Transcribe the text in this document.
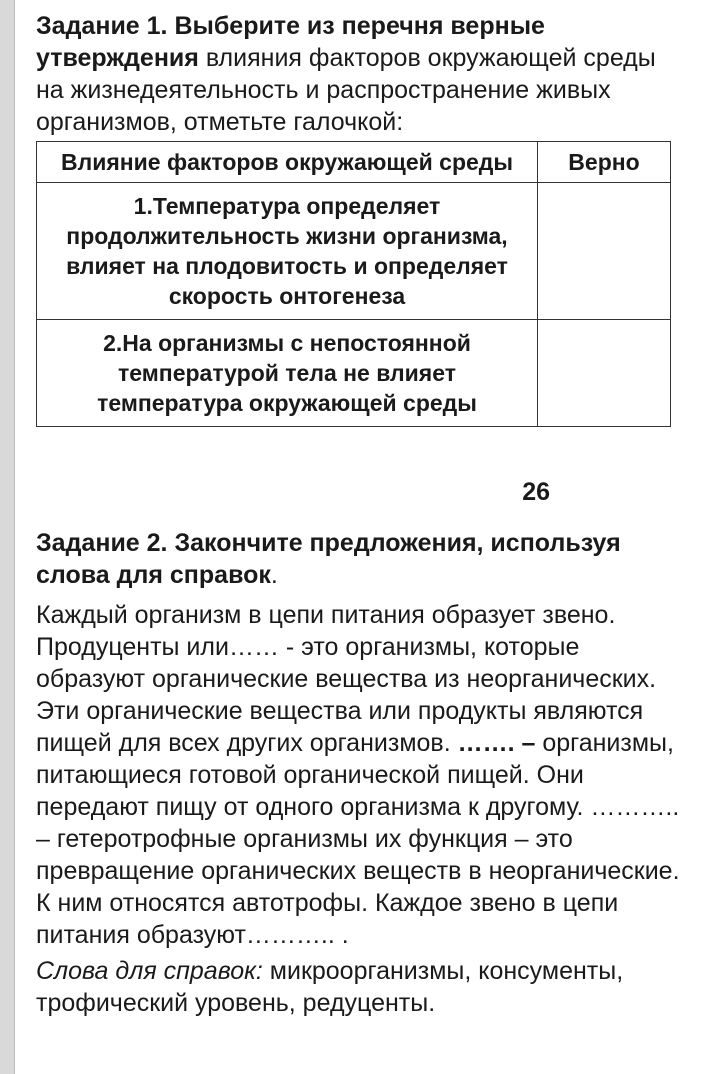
Задание 1. Выберите из перечня верные утверждения влияния факторов окружающей среды на жизнедеятельность и распространение живых организмов, отметьте галочкой:

Влияние факторов окружающей среды	Верно
1.Температура определяет продолжительность жизни организма, влияет на плодовитость и определяет скорость онтогенеза	
2.На организмы с непостоянной температурой тела не влияет температура окружающей среды	
26
Задание 2. Закончите предложения, используя слова для справок.
Каждый организм в цепи питания образует звено. Продуценты или…… - это организмы, которые образуют органические вещества из неорганических. Эти органические вещества или продукты являются пищей для всех других организмов. ……. – организмы, питающиеся готовой органической пищей. Они передают пищу от одного организма к другому. ……….. – гетеротрофные организмы их функция – это превращение органических веществ в неорганические. К ним относятся автотрофы. Каждое звено в цепи питания образуют……….. .
Слова для справок: микроорганизмы, консументы, трофический уровень, редуценты.
